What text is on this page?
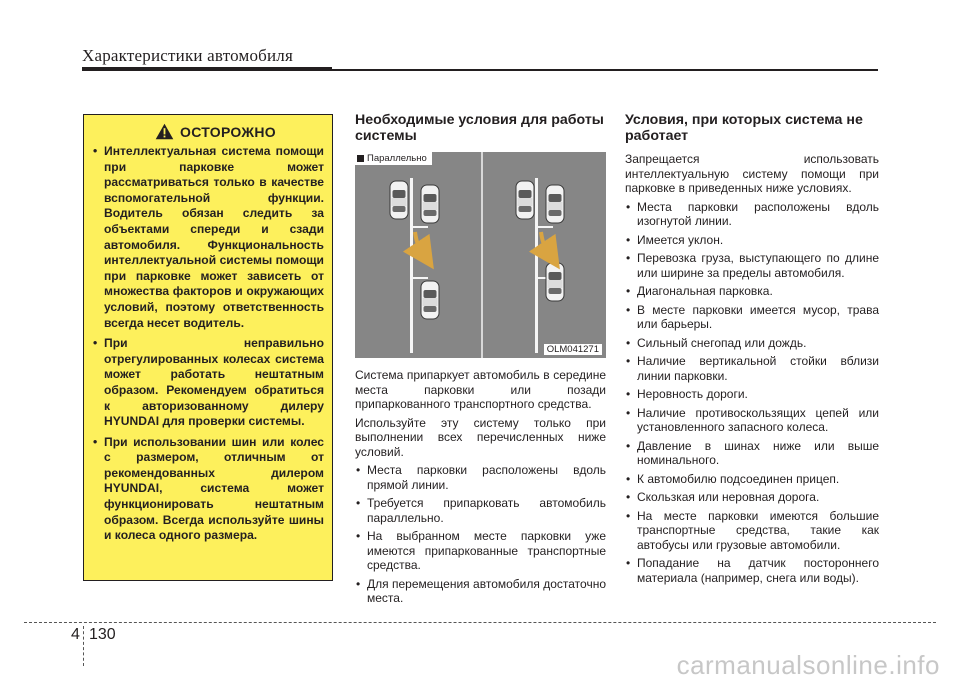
Характеристики автомобиля
ОСТОРОЖНО
• Интеллектуальная система помощи при парковке может рассматриваться только в качестве вспомогательной функции. Водитель обязан следить за объектами спереди и сзади автомобиля. Функциональность интеллектуальной системы помощи при парковке может зависеть от множества факторов и окружающих условий, поэтому ответственность всегда несет водитель.
• При неправильно отрегулированных колесах система может работать нештатным образом. Рекомендуем обратиться к авторизованному дилеру HYUNDAI для проверки системы.
• При использовании шин или колес с размером, отличным от рекомендованных дилером HYUNDAI, система может функционировать нештатным образом. Всегда используйте шины и колеса одного размера.
Необходимые условия для работы системы
Параллельно
OLM041271

Система припаркует автомобиль в середине места парковки или позади припаркованного транспортного средства.

Используйте эту систему только при выполнении всех перечисленных ниже условий.

• Места парковки расположены вдоль прямой линии.
• Требуется припарковать автомобиль параллельно.
• На выбранном месте парковки уже имеются припаркованные транспортные средства.
• Для перемещения автомобиля достаточно места.
Условия, при которых система не работает

Запрещается использовать интеллектуальную систему помощи при парковке в приведенных ниже условиях.

• Места парковки расположены вдоль изогнутой линии.
• Имеется уклон.
• Перевозка груза, выступающего по длине или ширине за пределы автомобиля.
• Диагональная парковка.
• В месте парковки имеется мусор, трава или барьеры.
• Сильный снегопад или дождь.
• Наличие вертикальной стойки вблизи линии парковки.
• Неровность дороги.
• Наличие противоскользящих цепей или установленного запасного колеса.
• Давление в шинах ниже или выше номинального.
• К автомобилю подсоединен прицеп.
• Скользкая или неровная дорога.
• На месте парковки имеются большие транспортные средства, такие как автобусы или грузовые автомобили.
• Попадание на датчик постороннего материала (например, снега или воды).
4 130
carmanualsonline.info
